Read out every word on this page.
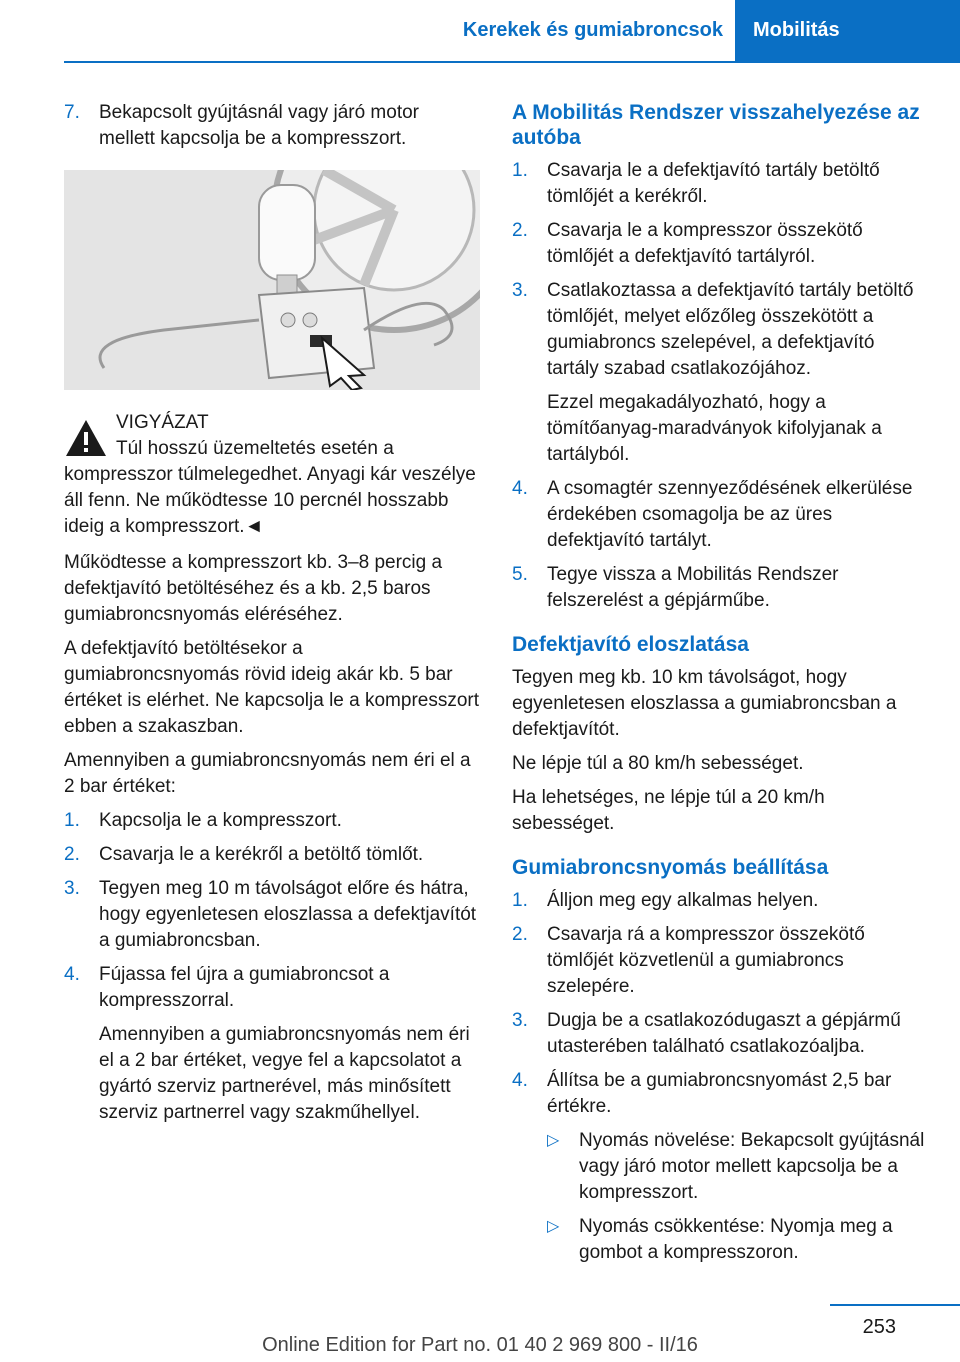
Kerekek és gumiabroncsok	Mobilitás
7. Bekapcsolt gyújtásnál vagy járó motor mellett kapcsolja be a kompresszort.
VIGYÁZAT
Túl hosszú üzemeltetés esetén a kompresszor túlmelegedhet. Anyagi kár veszélye áll fenn. Ne működtesse 10 percnél hosszabb ideig a kompresszort.◄

Működtesse a kompresszort kb. 3–8 percig a defektjavító betöltéséhez és a kb. 2,5 baros gumiabroncsnyomás eléréséhez.

A defektjavító betöltésekor a gumiabroncsnyomás rövid ideig akár kb. 5 bar értéket is elérhet. Ne kapcsolja le a kompresszort ebben a szakaszban.

Amennyiben a gumiabroncsnyomás nem éri el a 2 bar értéket:

1. Kapcsolja le a kompresszort.
2. Csavarja le a kerékről a betöltő tömlőt.
3. Tegyen meg 10 m távolságot előre és hátra, hogy egyenletesen eloszlassa a defektjavítót a gumiabroncsban.
4. Fújassa fel újra a gumiabroncsot a kompresszorral.
Amennyiben a gumiabroncsnyomás nem éri el a 2 bar értéket, vegye fel a kapcsolatot a gyártó szerviz partnerével, más minősített szerviz partnerrel vagy szakműhellyel.
A Mobilitás Rendszer visszahelyezése az autóba
1. Csavarja le a defektjavító tartály betöltő tömlőjét a kerékről.
2. Csavarja le a kompresszor összekötő tömlőjét a defektjavító tartályról.
3. Csatlakoztassa a defektjavító tartály betöltő tömlőjét, melyet előzőleg összekötött a gumiabroncs szelepével, a defektjavító tartály szabad csatlakozójához.
Ezzel megakadályozható, hogy a tömítőanyag-maradványok kifolyjanak a tartályból.
4. A csomagtér szennyeződésének elkerülése érdekében csomagolja be az üres defektjavító tartályt.
5. Tegye vissza a Mobilitás Rendszer felszerelést a gépjárműbe.
Defektjavító eloszlatása

Tegyen meg kb. 10 km távolságot, hogy egyenletesen eloszlassa a gumiabroncsban a defektjavítót.

Ne lépje túl a 80 km/h sebességet.

Ha lehetséges, ne lépje túl a 20 km/h sebességet.

Gumiabroncsnyomás beállítása
1. Álljon meg egy alkalmas helyen.
2. Csavarja rá a kompresszor összekötő tömlőjét közvetlenül a gumiabroncs szelepére.
3. Dugja be a csatlakozódugaszt a gépjármű utasterében található csatlakozóaljba.
4. Állítsa be a gumiabroncsnyomást 2,5 bar értékre.
▷ Nyomás növelése: Bekapcsolt gyújtásnál vagy járó motor mellett kapcsolja be a kompresszort.
▷ Nyomás csökkentése: Nyomja meg a gombot a kompresszoron.
253
Online Edition for Part no. 01 40 2 969 800 - II/16
